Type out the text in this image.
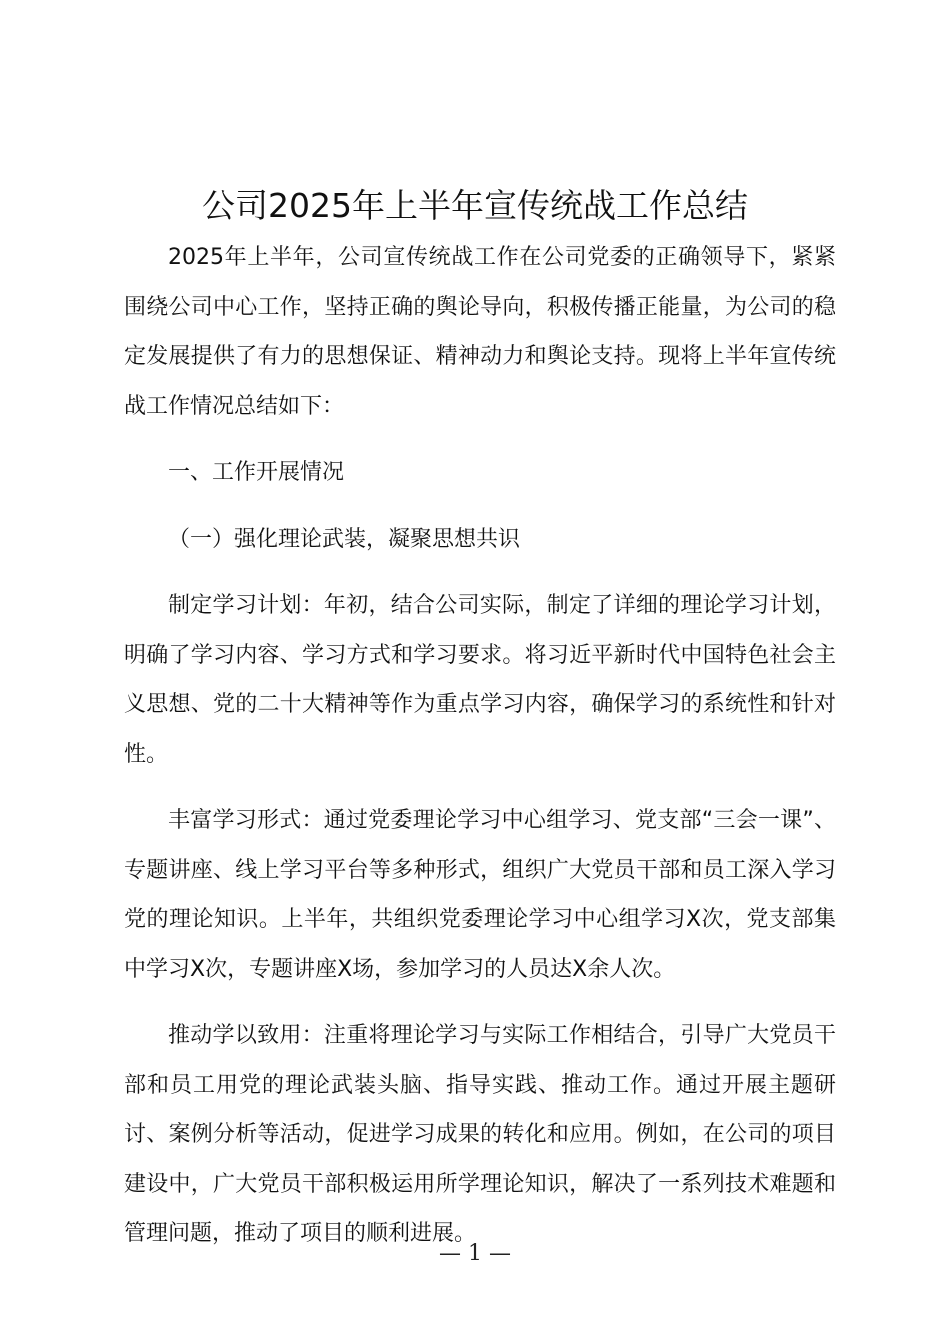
公司2025年上半年宣传统战工作总结

2025年上半年，公司宣传统战工作在公司党委的正确领导下，紧紧围绕公司中心工作，坚持正确的舆论导向，积极传播正能量，为公司的稳定发展提供了有力的思想保证、精神动力和舆论支持。现将上半年宣传统战工作情况总结如下：

一、工作开展情况

（一）强化理论武装，凝聚思想共识

制定学习计划：年初，结合公司实际，制定了详细的理论学习计划，明确了学习内容、学习方式和学习要求。将习近平新时代中国特色社会主义思想、党的二十大精神等作为重点学习内容，确保学习的系统性和针对性。

丰富学习形式：通过党委理论学习中心组学习、党支部“三会一课”、专题讲座、线上学习平台等多种形式，组织广大党员干部和员工深入学习党的理论知识。上半年，共组织党委理论学习中心组学习X次，党支部集中学习X次，专题讲座X场，参加学习的人员达X余人次。

推动学以致用：注重将理论学习与实际工作相结合，引导广大党员干部和员工用党的理论武装头脑、指导实践、推动工作。通过开展主题研讨、案例分析等活动，促进学习成果的转化和应用。例如，在公司的项目建设中，广大党员干部积极运用所学理论知识，解决了一系列技术难题和管理问题，推动了项目的顺利进展。

— 1 —
